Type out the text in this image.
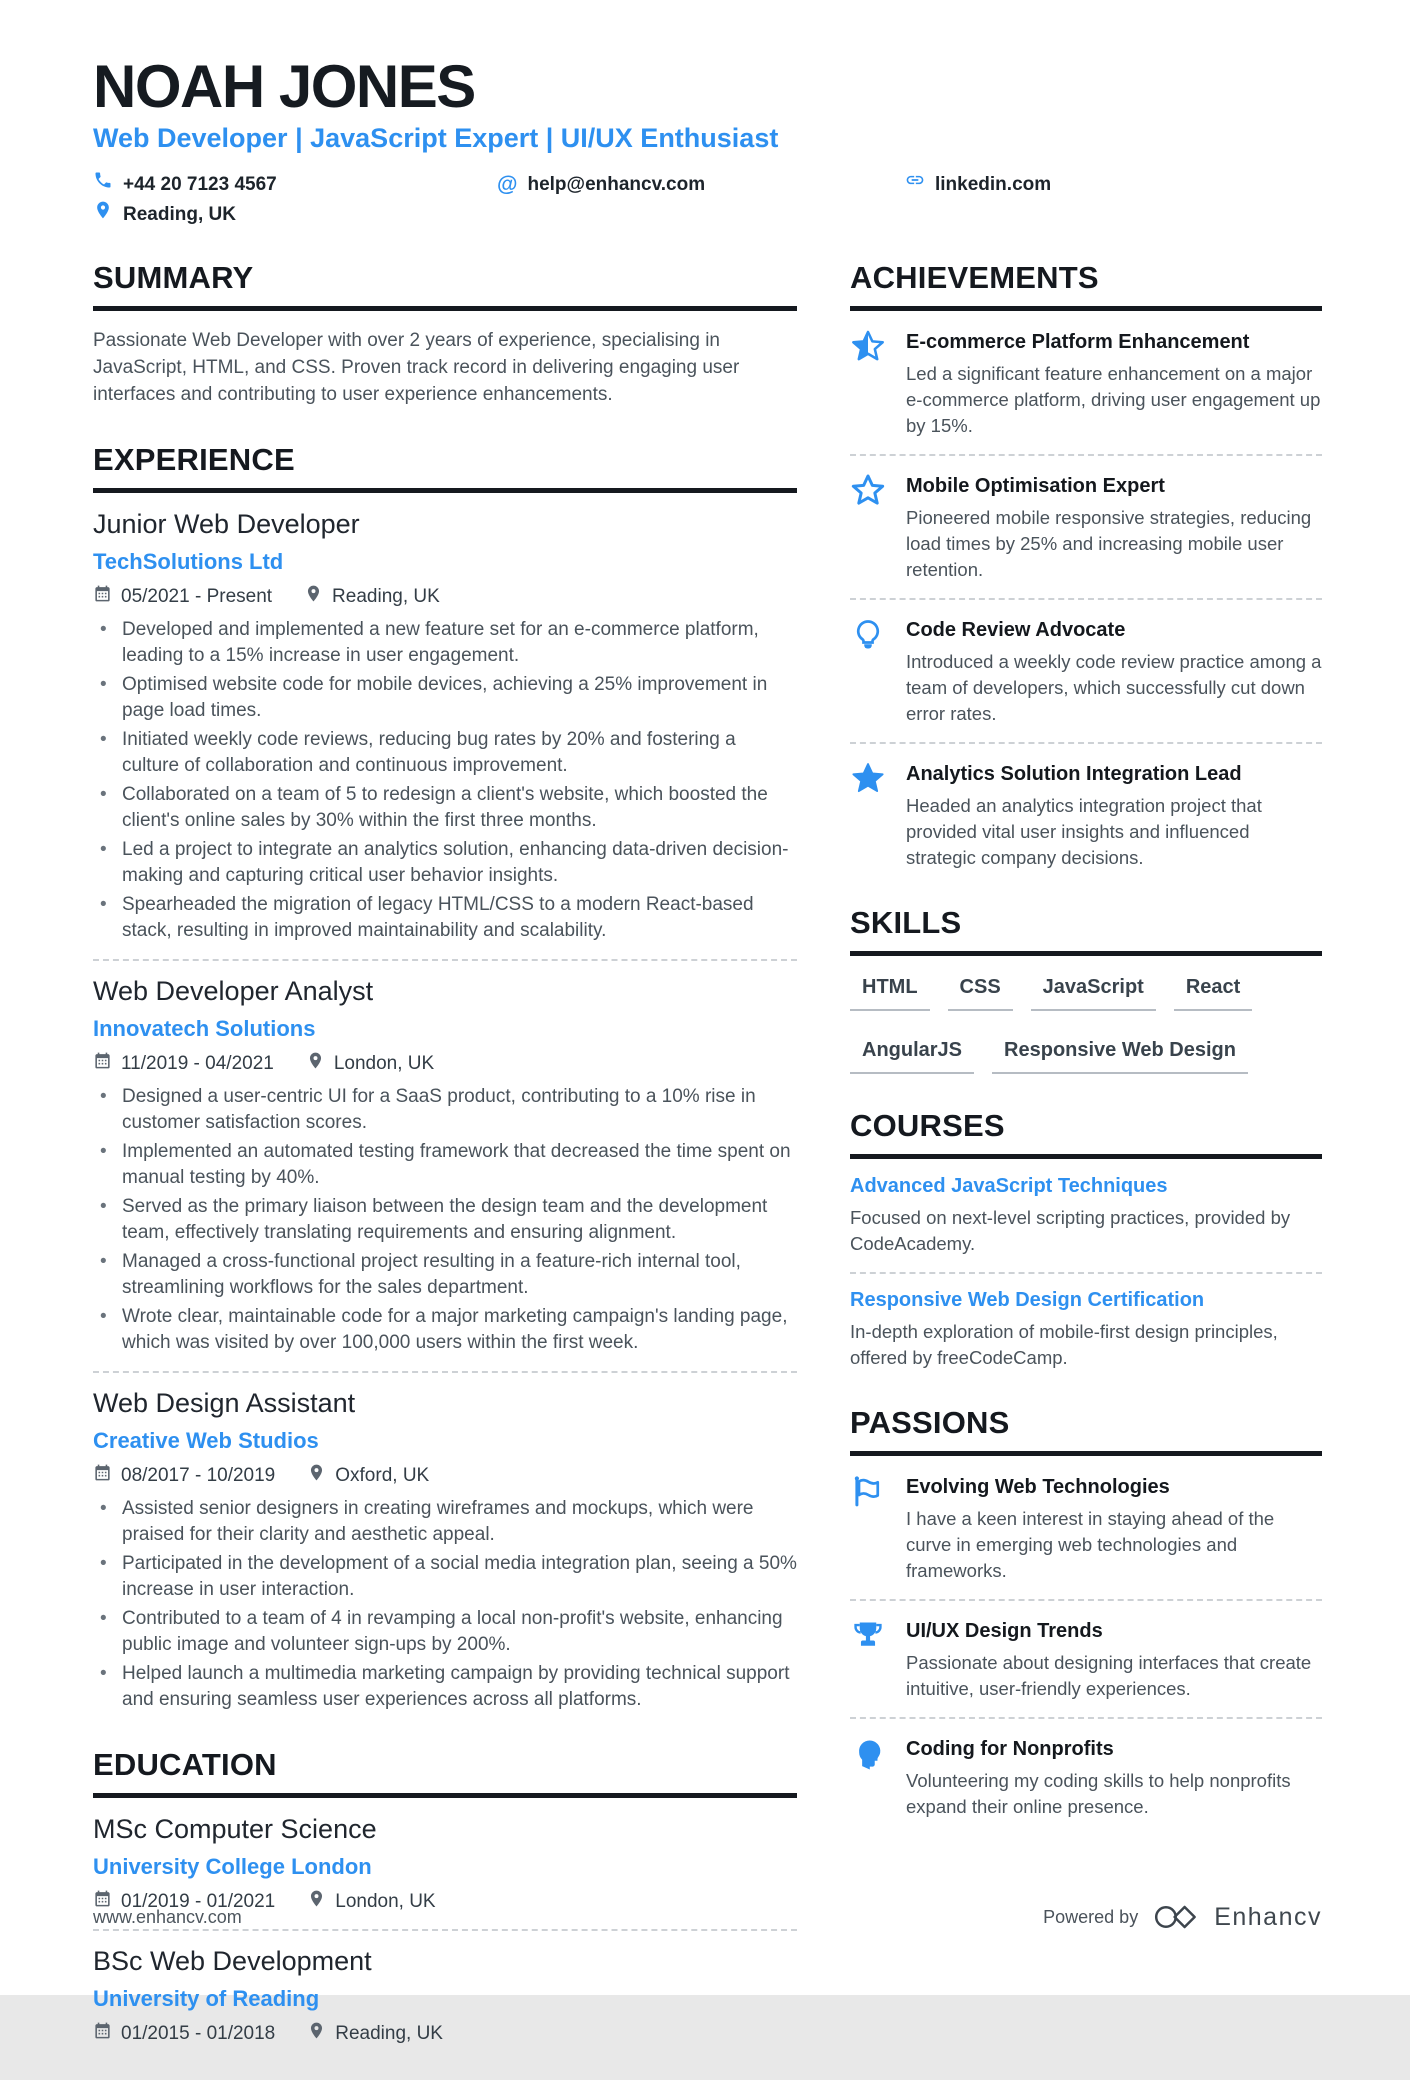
NOAH JONES
Web Developer | JavaScript Expert | UI/UX Enthusiast
+44 20 7123 4567	@ help@enhancv.com	linkedin.com
Reading, UK
SUMMARY

Passionate Web Developer with over 2 years of experience, specialising in JavaScript, HTML, and CSS. Proven track record in delivering engaging user interfaces and contributing to user experience enhancements.

EXPERIENCE
Junior Web Developer
TechSolutions Ltd
05/2021 - Present	Reading, UK
• Developed and implemented a new feature set for an e-commerce platform, leading to a 15% increase in user engagement.
• Optimised website code for mobile devices, achieving a 25% improvement in page load times.
• Initiated weekly code reviews, reducing bug rates by 20% and fostering a culture of collaboration and continuous improvement.
• Collaborated on a team of 5 to redesign a client's website, which boosted the client's online sales by 30% within the first three months.
• Led a project to integrate an analytics solution, enhancing data-driven decision-making and capturing critical user behavior insights.
• Spearheaded the migration of legacy HTML/CSS to a modern React-based stack, resulting in improved maintainability and scalability.
Web Developer Analyst
Innovatech Solutions
11/2019 - 04/2021	London, UK
• Designed a user-centric UI for a SaaS product, contributing to a 10% rise in customer satisfaction scores.
• Implemented an automated testing framework that decreased the time spent on manual testing by 40%.
• Served as the primary liaison between the design team and the development team, effectively translating requirements and ensuring alignment.
• Managed a cross-functional project resulting in a feature-rich internal tool, streamlining workflows for the sales department.
• Wrote clear, maintainable code for a major marketing campaign's landing page, which was visited by over 100,000 users within the first week.
Web Design Assistant
Creative Web Studios
08/2017 - 10/2019	Oxford, UK
• Assisted senior designers in creating wireframes and mockups, which were praised for their clarity and aesthetic appeal.
• Participated in the development of a social media integration plan, seeing a 50% increase in user interaction.
• Contributed to a team of 4 in revamping a local non-profit's website, enhancing public image and volunteer sign-ups by 200%.
• Helped launch a multimedia marketing campaign by providing technical support and ensuring seamless user experiences across all platforms.
EDUCATION
MSc Computer Science
University College London
01/2019 - 01/2021	London, UK
BSc Web Development
University of Reading
01/2015 - 01/2018	Reading, UK
ACHIEVEMENTS
E-commerce Platform Enhancement

Led a significant feature enhancement on a major e-commerce platform, driving user engagement up by 15%.

Mobile Optimisation Expert

Pioneered mobile responsive strategies, reducing load times by 25% and increasing mobile user retention.

Code Review Advocate

Introduced a weekly code review practice among a team of developers, which successfully cut down error rates.

Analytics Solution Integration Lead

Headed an analytics integration project that provided vital user insights and influenced strategic company decisions.

SKILLS
HTML	CSS	JavaScript	React
AngularJS	Responsive Web Design
COURSES
Advanced JavaScript Techniques

Focused on next-level scripting practices, provided by CodeAcademy.

Responsive Web Design Certification

In-depth exploration of mobile-first design principles, offered by freeCodeCamp.

PASSIONS
Evolving Web Technologies

I have a keen interest in staying ahead of the curve in emerging web technologies and frameworks.

UI/UX Design Trends

Passionate about designing interfaces that create intuitive, user-friendly experiences.

Coding for Nonprofits

Volunteering my coding skills to help nonprofits expand their online presence.

www.enhancv.com	Powered by	Enhancv
